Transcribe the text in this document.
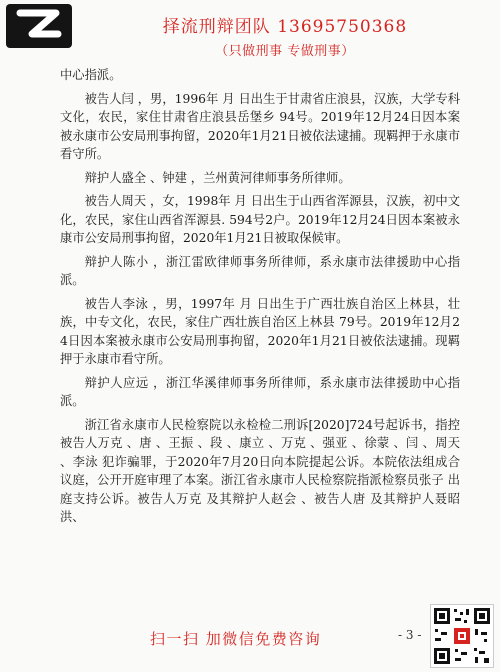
择流刑辩团队 13695750368
（只做刑事 专做刑事）

中心指派。

被告人闫 ，男，1996年 月 日出生于甘肃省庄浪县，汉族，大学专科文化，农民，家住甘肃省庄浪县岳堡乡 94号。2019年12月24日因本案被永康市公安局刑事拘留，2020年1月21日被依法逮捕。现羁押于永康市看守所。

辩护人盛全 、钟建 ，兰州黄河律师事务所律师。

被告人周天 ，女，1998年 月 日出生于山西省浑源县，汉族，初中文化，农民，家住山西省浑源县. 594号2户。2019年12月24日因本案被永康市公安局刑事拘留，2020年1月21日被取保候审。

辩护人陈小 ，浙江雷欧律师事务所律师，系永康市法律援助中心指派。

被告人李泳 ，男，1997年 月 日出生于广西壮族自治区上林县，壮族，中专文化，农民，家住广西壮族自治区上林县 79号。2019年12月24日因本案被永康市公安局刑事拘留，2020年1月21日被依法逮捕。现羁押于永康市看守所。

辩护人应远 ，浙江华溪律师事务所律师，系永康市法律援助中心指派。

浙江省永康市人民检察院以永检检二刑诉[2020]724号起诉书，指控被告人万克 、唐 、王振 、段 、康立 、万克 、强亚 、徐蒙 、闫 、周天 、李泳 犯诈骗罪，于2020年7月20日向本院提起公诉。本院依法组成合议庭，公开开庭审理了本案。浙江省永康市人民检察院指派检察员张子 出庭支持公诉。被告人万克 及其辩护人赵会 、被告人唐 及其辩护人聂昭洪、

扫一扫 加微信免费咨询	- 3 -
